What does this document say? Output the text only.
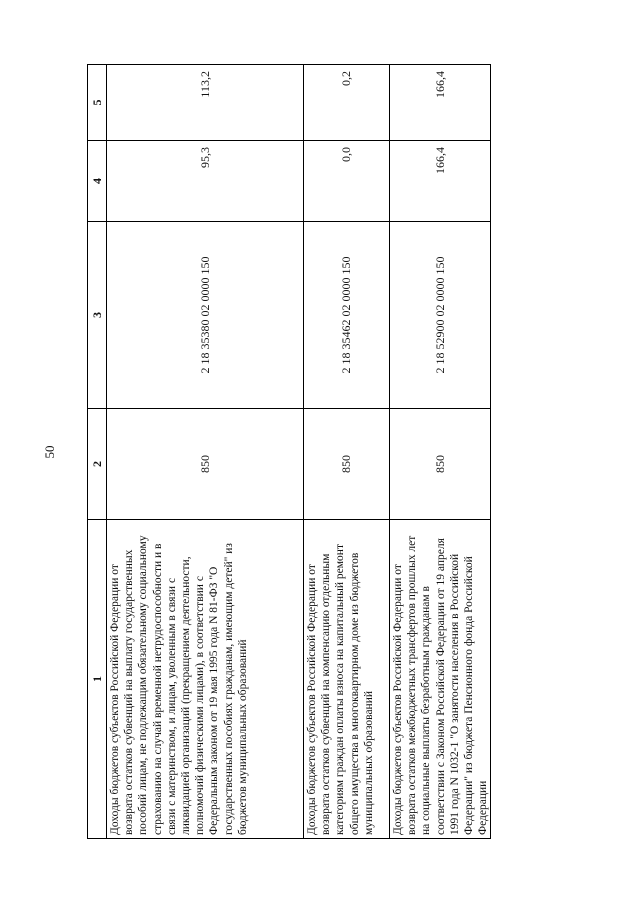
50
1	2	3	4	5
Доходы бюджетов субъектов Российской Федерации от возврата остатков субвенций на выплату государственных пособий лицам, не подлежащим обязательному социальному страхованию на случай временной нетрудоспособности и в связи с материнством, и лицам, уволенным в связи с ликвидацией организаций (прекращением деятельности, полномочий физическими лицами), в соответствии с Федеральным законом от 19 мая 1995 года N 81-ФЗ "О государственных пособиях гражданам, имеющим детей" из бюджетов муниципальных образований	850	2 18 35380 02 0000 150	95,3	113,2
Доходы бюджетов субъектов Российской Федерации от возврата остатков субвенций на компенсацию отдельным категориям граждан оплаты взноса на капитальный ремонт общего имущества в многоквартирном доме из бюджетов муниципальных образований	850	2 18 35462 02 0000 150	0,0	0,2
Доходы бюджетов субъектов Российской Федерации от возврата остатков межбюджетных трансфертов прошлых лет на социальные выплаты безработным гражданам в соответствии с Законом Российской Федерации от 19 апреля 1991 года N 1032-1 "О занятости населения в Российской Федерации" из бюджета Пенсионного фонда Российской Федерации	850	2 18 52900 02 0000 150	166,4	166,4
